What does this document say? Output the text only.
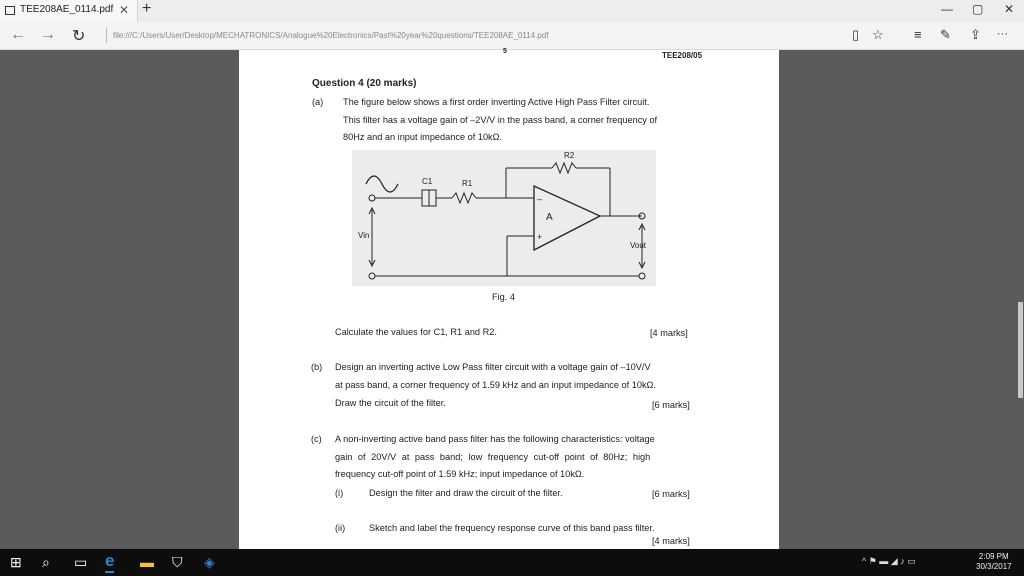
TEE208AE_0114.pdf ✕ +	— ▢ ✕
← → ↻	file:///C:/Users/User/Desktop/MECHATRONICS/Analogue%20Electronics/Past%20year%20questions/TEE208AE_0114.pdf	▯ ☆ ≡ ✎ ⇪ ···
5	TEE208/05
Question 4 (20 marks)
(a) The figure below shows a first order inverting Active High Pass Filter circuit.
This filter has a voltage gain of –2V/V in the pass band, a corner frequency of
80Hz and an input impedance of 10kΩ.
C1	R1
R2
A
–
+
Vin
Vout
Fig. 4
Calculate the values for C1, R1 and R2.	[4 marks]
(b) Design an inverting active Low Pass filter circuit with a voltage gain of –10V/V
at pass band, a corner frequency of 1.59 kHz and an input impedance of 10kΩ.
Draw the circuit of the filter.	[6 marks]
(c) A non-inverting active band pass filter has the following characteristics: voltage
gain of 20V/V at pass band; low frequency cut-off point of 80Hz; high
frequency cut-off point of 1.59 kHz; input impedance of 10kΩ.
(i)	Design the filter and draw the circuit of the filter.	[6 marks]
(ii)	Sketch and label the frequency response curve of this band pass filter.
[4 marks]
⊞ ⌕ ▭ e ▬ ⛉ ◈	^ ⚑ ▬ ◢ ♪ ▭	2:09 PM
30/3/2017
